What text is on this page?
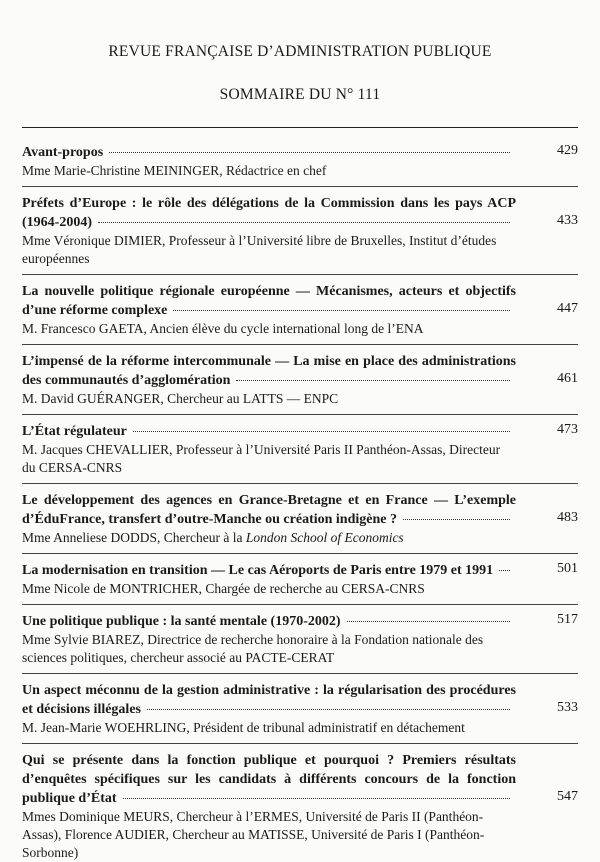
REVUE FRANÇAISE D’ADMINISTRATION PUBLIQUE
SOMMAIRE DU N° 111
Avant-propos	429
Mme Marie-Christine MEININGER, Rédactrice en chef
Préfets d’Europe : le rôle des délégations de la Commission dans les pays ACP
(1964-2004)	433
Mme Véronique DIMIER, Professeur à l’Université libre de Bruxelles, Institut d’études européennes
La nouvelle politique régionale européenne — Mécanismes, acteurs et objectifs
d’une réforme complexe	447
M. Francesco GAETA, Ancien élève du cycle international long de l’ENA
L’impensé de la réforme intercommunale — La mise en place des administrations
des communautés d’agglomération	461
M. David GUÉRANGER, Chercheur au LATTS — ENPC
L’État régulateur	473
M. Jacques CHEVALLIER, Professeur à l’Université Paris II Panthéon-Assas, Directeur du CERSA-CNRS
Le développement des agences en Grance-Bretagne et en France — L’exemple
d’ÉduFrance, transfert d’outre-Manche ou création indigène ?	483
Mme Anneliese DODDS, Chercheur à la London School of Economics
La modernisation en transition — Le cas Aéroports de Paris entre 1979 et 1991	501
Mme Nicole de MONTRICHER, Chargée de recherche au CERSA-CNRS
Une politique publique : la santé mentale (1970-2002)	517
Mme Sylvie BIAREZ, Directrice de recherche honoraire à la Fondation nationale des sciences politiques, chercheur associé au PACTE-CERAT
Un aspect méconnu de la gestion administrative : la régularisation des procédures
et décisions illégales	533
M. Jean-Marie WOEHRLING, Président de tribunal administratif en détachement
Qui se présente dans la fonction publique et pourquoi ? Premiers résultats
d’enquêtes spécifiques sur les candidats à différents concours de la fonction
publique d’État	547
Mmes Dominique MEURS, Chercheur à l’ERMES, Université de Paris II (Panthéon-Assas), Florence AUDIER, Chercheur au MATISSE, Université de Paris I (Panthéon-Sorbonne)
